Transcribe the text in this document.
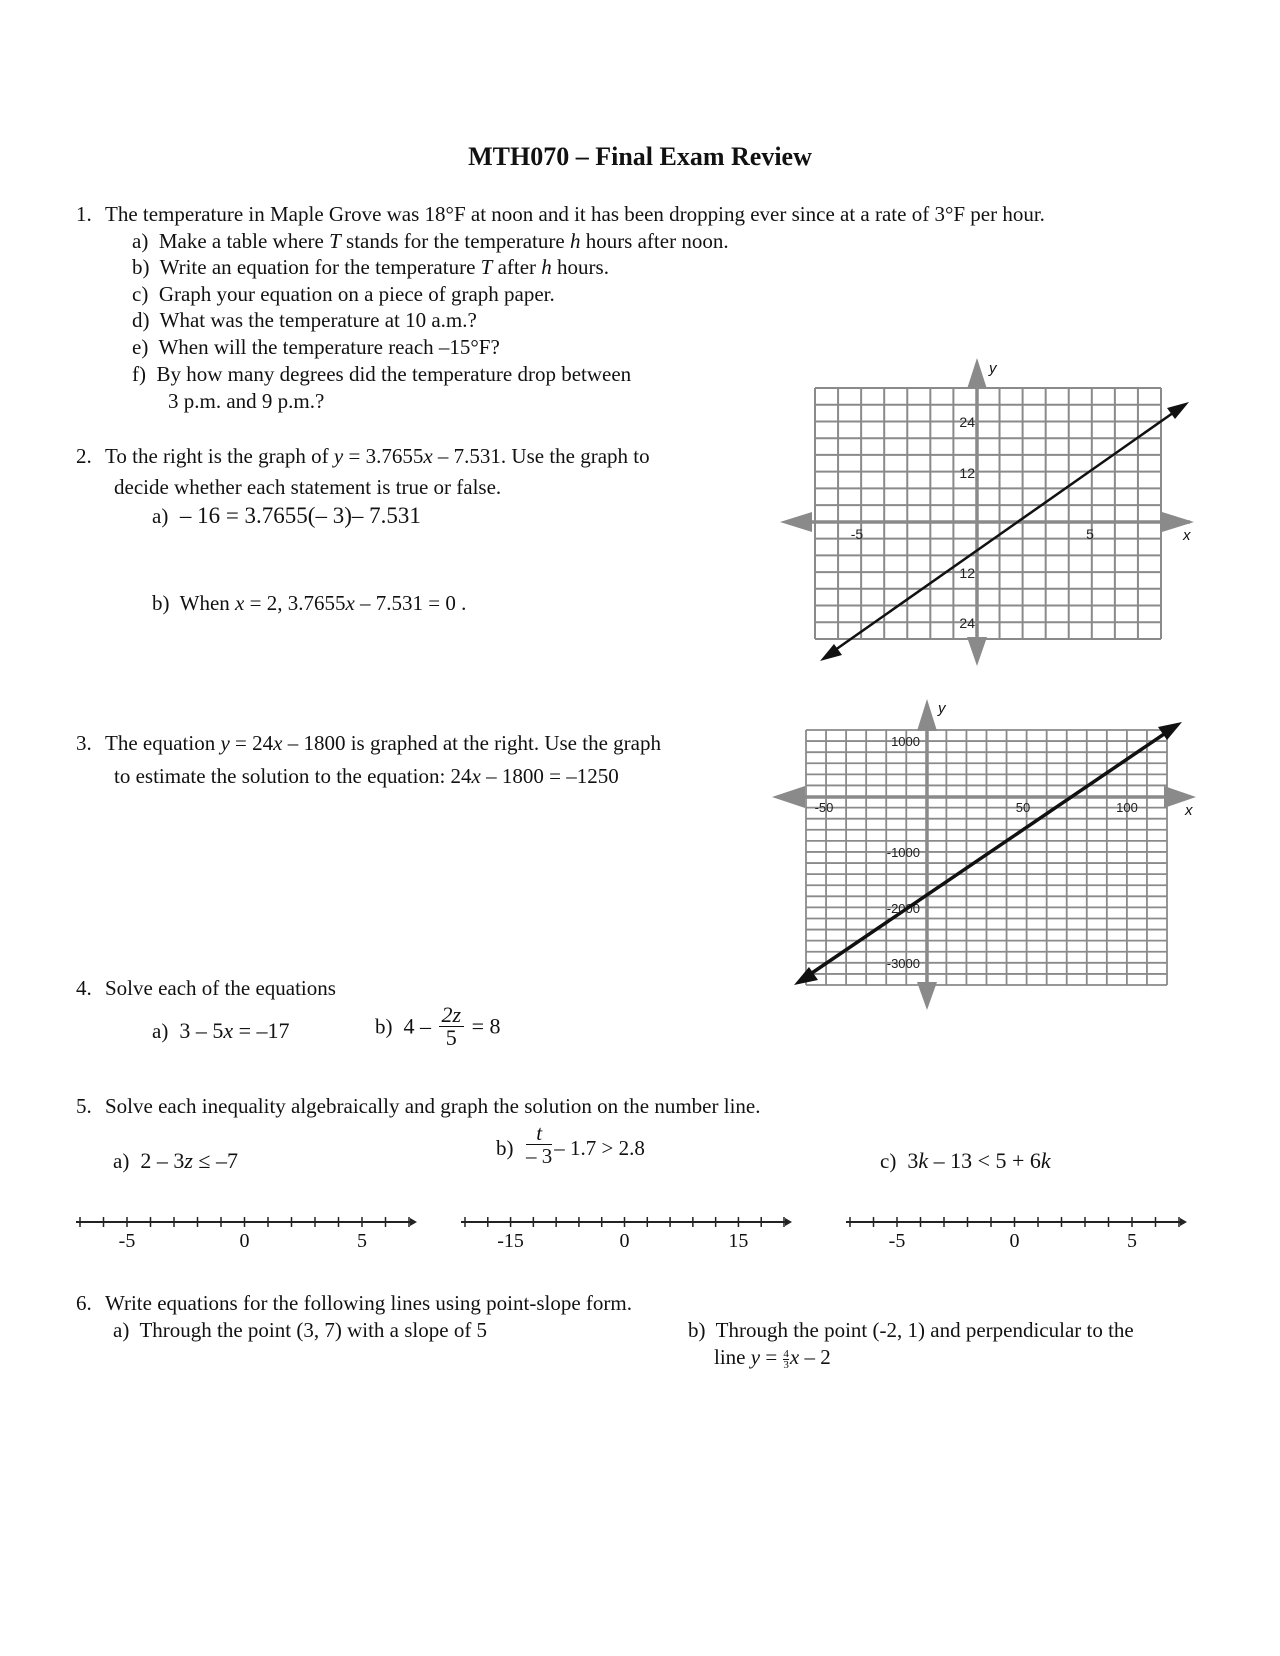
MTH070 – Final Exam Review
1. The temperature in Maple Grove was 18°F at noon and it has been dropping ever since at a rate of 3°F per hour.
a) Make a table where T stands for the temperature h hours after noon.
b) Write an equation for the temperature T after h hours.
c) Graph your equation on a piece of graph paper.
d) What was the temperature at 10 a.m.?
e) When will the temperature reach –15°F?
f) By how many degrees did the temperature drop between
3 p.m. and 9 p.m.?
2. To the right is the graph of y = 3.7655x – 7.531. Use the graph to
decide whether each statement is true or false.
a) – 16 = 3.7655(– 3)– 7.531
b) When x = 2, 3.7655x – 7.531 = 0 .
y
x
-5	5
24
12
12
24
3. The equation y = 24x – 1800 is graphed at the right. Use the graph
to estimate the solution to the equation: 24x – 1800 = –1250
y
x
-50	50	100
1000
-1000
-2000
-3000
4. Solve each of the equations
a) 3 – 5x = –17	b) $4 - \frac{2z}{5} = 8$
5. Solve each inequality algebraically and graph the solution on the number line.
a) 2 – 3z ≤ –7	$b) \frac{t}{- 3} - 1.7 > 2.8$
c) 3k – 13 < 5 + 6k
-5	0	5	-15	0	15	-5	0	5
6. Write equations for the following lines using point-slope form.
a) Through the point (3, 7) with a slope of 5	b) Through the point (-2, 1) and perpendicular to the
line $y = \frac{4}{3}$ x – 2
